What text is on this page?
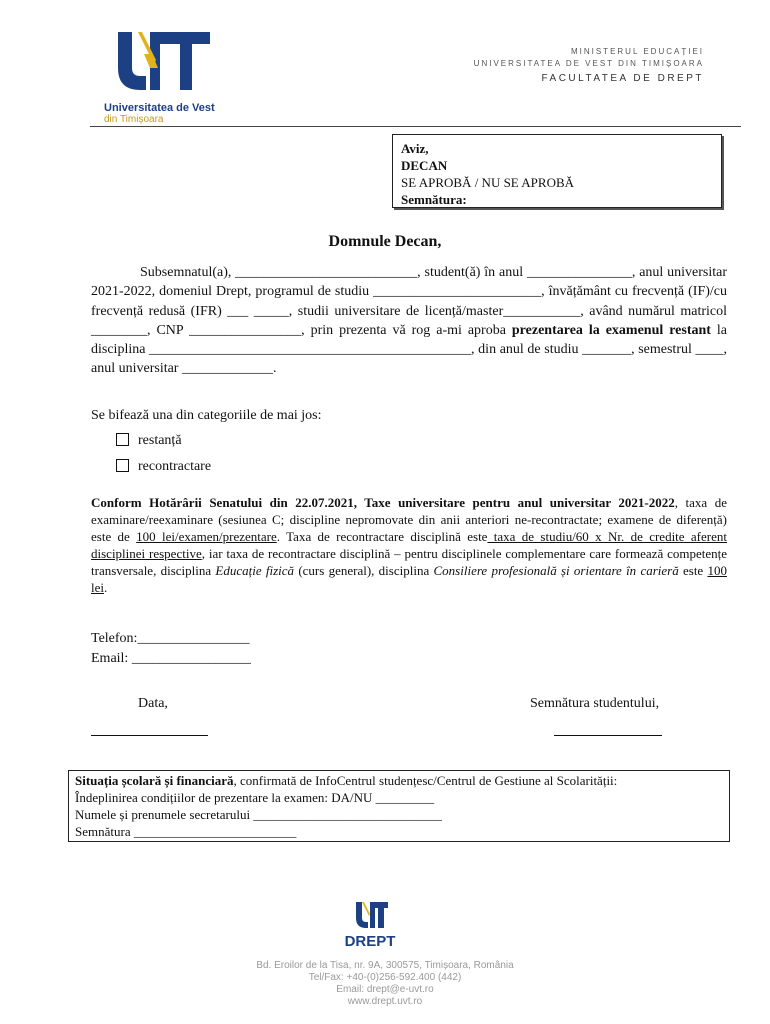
Universitatea de Vest
din Timișoara
MINISTERUL EDUCAȚIEI
UNIVERSITATEA DE VEST DIN TIMIȘOARA
FACULTATEA DE DREPT
Aviz,
DECAN
SE APROBĂ / NU SE APROBĂ
Semnătura:
Domnule Decan,
Subsemnatul(a), __________________________, student(ă) în anul _______________, anul universitar 2021-2022, domeniul Drept, programul de studiu ________________________, învățământ cu frecvență (IF)/cu frecvență redusă (IFR) ___ _____, studii universitare de licență/master___________, având numărul matricol ________, CNP ________________, prin prezenta vă rog a-mi aproba prezentarea la examenul restant la disciplina ______________________________________________, din anul de studiu _______, semestrul ____, anul universitar _____________.
Se bifează una din categoriile de mai jos:
restanță
recontractare
Conform Hotărârii Senatului din 22.07.2021, Taxe universitare pentru anul universitar 2021-2022, taxa de examinare/reexaminare (sesiunea C; discipline nepromovate din anii anteriori ne-recontractate; examene de diferență) este de 100 lei/examen/prezentare. Taxa de recontractare disciplină este taxa de studiu/60 x Nr. de credite aferent disciplinei respective, iar taxa de recontractare disciplină – pentru disciplinele complementare care formează competențe transversale, disciplina Educație fizică (curs general), disciplina Consiliere profesională și orientare în carieră este 100 lei.
Telefon:________________
Email: _________________
Data,	Semnătura studentului,
Situația școlară și financiară, confirmată de InfoCentrul studențesc/Centrul de Gestiune al Scolarității:
Îndeplinirea condițiilor de prezentare la examen: DA/NU _________
Numele și prenumele secretarului _____________________________
Semnătura _________________________
DREPT
Bd. Eroilor de la Tisa, nr. 9A, 300575, Timișoara, România
Tel/Fax: +40-(0)256-592.400 (442)
Email: drept@e-uvt.ro
www.drept.uvt.ro
